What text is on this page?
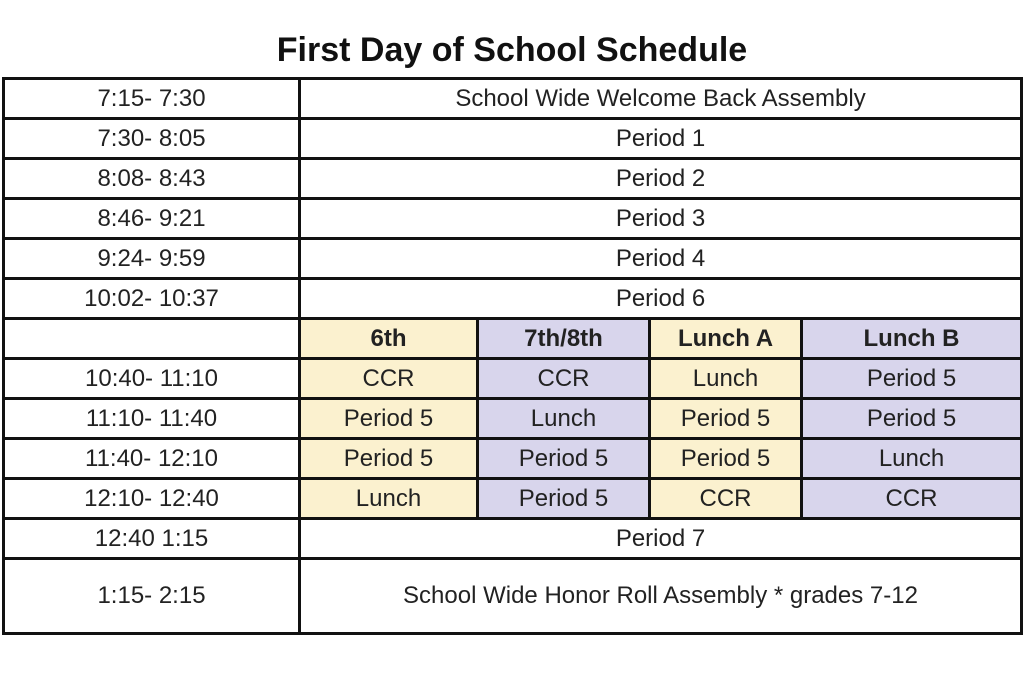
First Day of School Schedule
7:15- 7:30	School Wide Welcome Back Assembly			
7:30- 8:05	Period 1			
8:08- 8:43	Period 2			
8:46- 9:21	Period 3			
9:24- 9:59	Period 4			
10:02- 10:37	Period 6			
	6th	7th/8th	Lunch A	Lunch B
10:40- 11:10	CCR	CCR	Lunch	Period 5
11:10- 11:40	Period 5	Lunch	Period 5	Period 5
11:40- 12:10	Period 5	Period 5	Period 5	Lunch
12:10- 12:40	Lunch	Period 5	CCR	CCR
12:40 1:15	Period 7			
1:15- 2:15	School Wide Honor Roll Assembly * grades 7-12			
